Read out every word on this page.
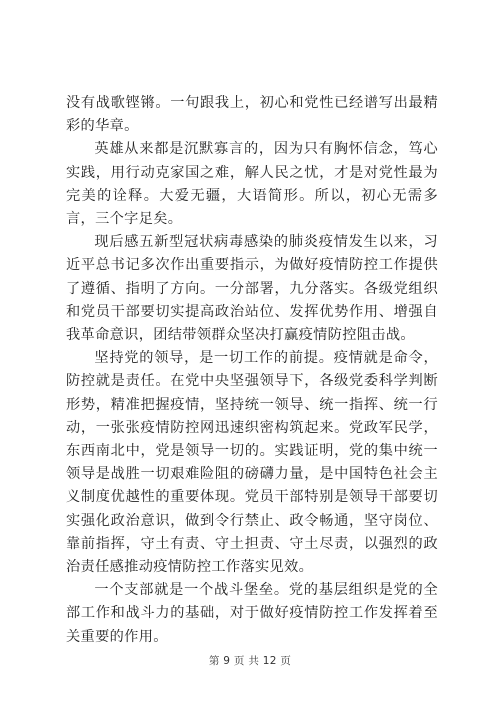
没有战歌铿锵。一句跟我上，初心和党性已经谱写出最精彩的华章。

英雄从来都是沉默寡言的，因为只有胸怀信念，笃心实践，用行动克家国之难，解人民之忧，才是对党性最为完美的诠释。大爱无疆，大语简形。所以，初心无需多言，三个字足矣。

现后感五新型冠状病毒感染的肺炎疫情发生以来，习近平总书记多次作出重要指示，为做好疫情防控工作提供了遵循、指明了方向。一分部署，九分落实。各级党组织和党员干部要切实提高政治站位、发挥优势作用、增强自我革命意识，团结带领群众坚决打赢疫情防控阻击战。

坚持党的领导，是一切工作的前提。疫情就是命令，防控就是责任。在党中央坚强领导下，各级党委科学判断形势，精准把握疫情，坚持统一领导、统一指挥、统一行动，一张张疫情防控网迅速织密构筑起来。党政军民学，东西南北中，党是领导一切的。实践证明，党的集中统一领导是战胜一切艰难险阻的磅礴力量，是中国特色社会主义制度优越性的重要体现。党员干部特别是领导干部要切实强化政治意识，做到令行禁止、政令畅通，坚守岗位、靠前指挥，守土有责、守土担责、守土尽责，以强烈的政治责任感推动疫情防控工作落实见效。

一个支部就是一个战斗堡垒。党的基层组织是党的全部工作和战斗力的基础，对于做好疫情防控工作发挥着至关重要的作用。

第 9 页 共 12 页
